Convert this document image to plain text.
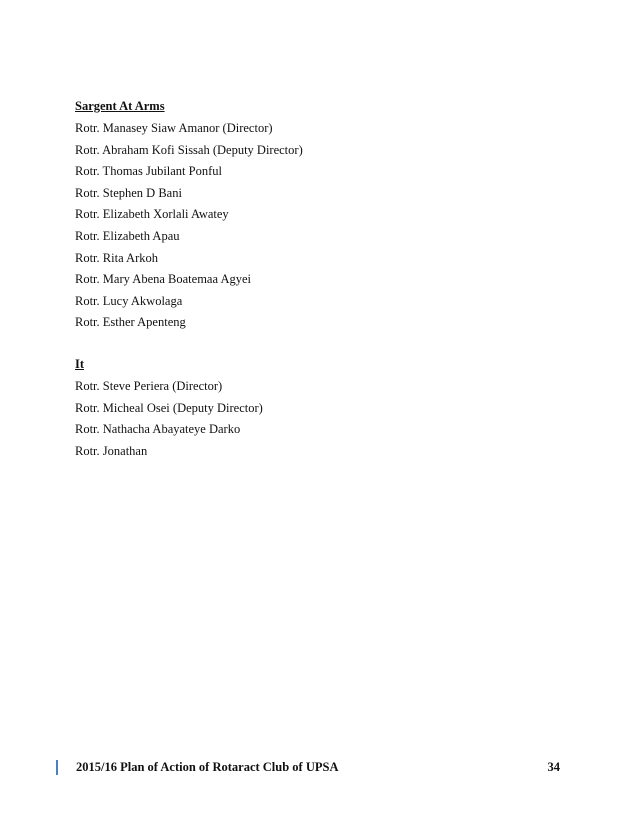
Sargent At Arms
Rotr. Manasey Siaw Amanor (Director)
Rotr. Abraham Kofi Sissah (Deputy Director)
Rotr. Thomas Jubilant Ponful
Rotr. Stephen D Bani
Rotr. Elizabeth Xorlali Awatey
Rotr. Elizabeth Apau
Rotr. Rita Arkoh
Rotr. Mary Abena Boatemaa Agyei
Rotr. Lucy Akwolaga
Rotr. Esther Apenteng
It
Rotr. Steve Periera (Director)
Rotr. Micheal Osei (Deputy Director)
Rotr. Nathacha Abayateye Darko
Rotr. Jonathan
2015/16 Plan of Action of Rotaract Club of UPSA	34
